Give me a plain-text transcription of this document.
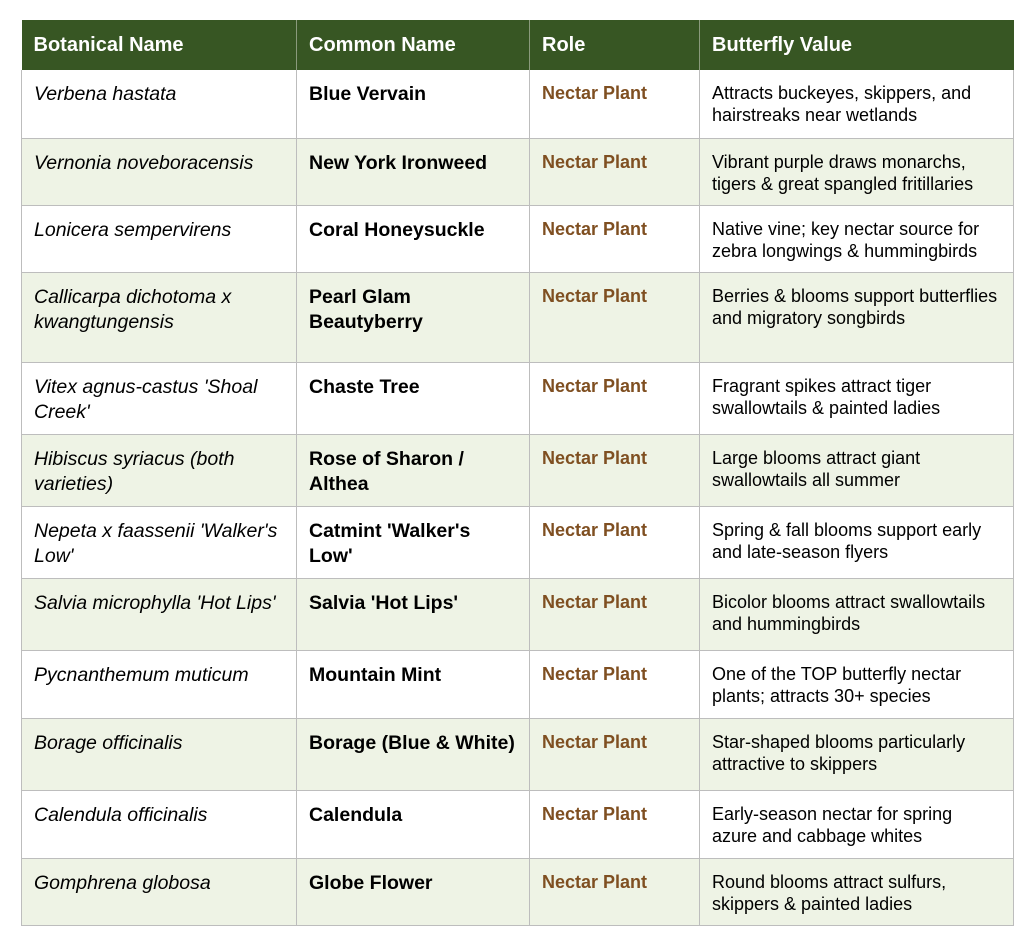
Botanical Name	Common Name	Role	Butterfly Value
Verbena hastata	Blue Vervain	Nectar Plant	Attracts buckeyes, skippers, and hairstreaks near wetlands
Vernonia noveboracensis	New York Ironweed	Nectar Plant	Vibrant purple draws monarchs, tigers & great spangled fritillaries
Lonicera sempervirens	Coral Honeysuckle	Nectar Plant	Native vine; key nectar source for zebra longwings & hummingbirds
Callicarpa dichotoma x kwangtungensis	Pearl Glam Beautyberry	Nectar Plant	Berries & blooms support butterflies and migratory songbirds
Vitex agnus-castus 'Shoal Creek'	Chaste Tree	Nectar Plant	Fragrant spikes attract tiger swallowtails & painted ladies
Hibiscus syriacus (both varieties)	Rose of Sharon / Althea	Nectar Plant	Large blooms attract giant swallowtails all summer
Nepeta x faassenii 'Walker's Low'	Catmint 'Walker's Low'	Nectar Plant	Spring & fall blooms support early and late-season flyers
Salvia microphylla 'Hot Lips'	Salvia 'Hot Lips'	Nectar Plant	Bicolor blooms attract swallowtails and hummingbirds
Pycnanthemum muticum	Mountain Mint	Nectar Plant	One of the TOP butterfly nectar plants; attracts 30+ species
Borage officinalis	Borage (Blue & White)	Nectar Plant	Star-shaped blooms particularly attractive to skippers
Calendula officinalis	Calendula	Nectar Plant	Early-season nectar for spring azure and cabbage whites
Gomphrena globosa	Globe Flower	Nectar Plant	Round blooms attract sulfurs, skippers & painted ladies
